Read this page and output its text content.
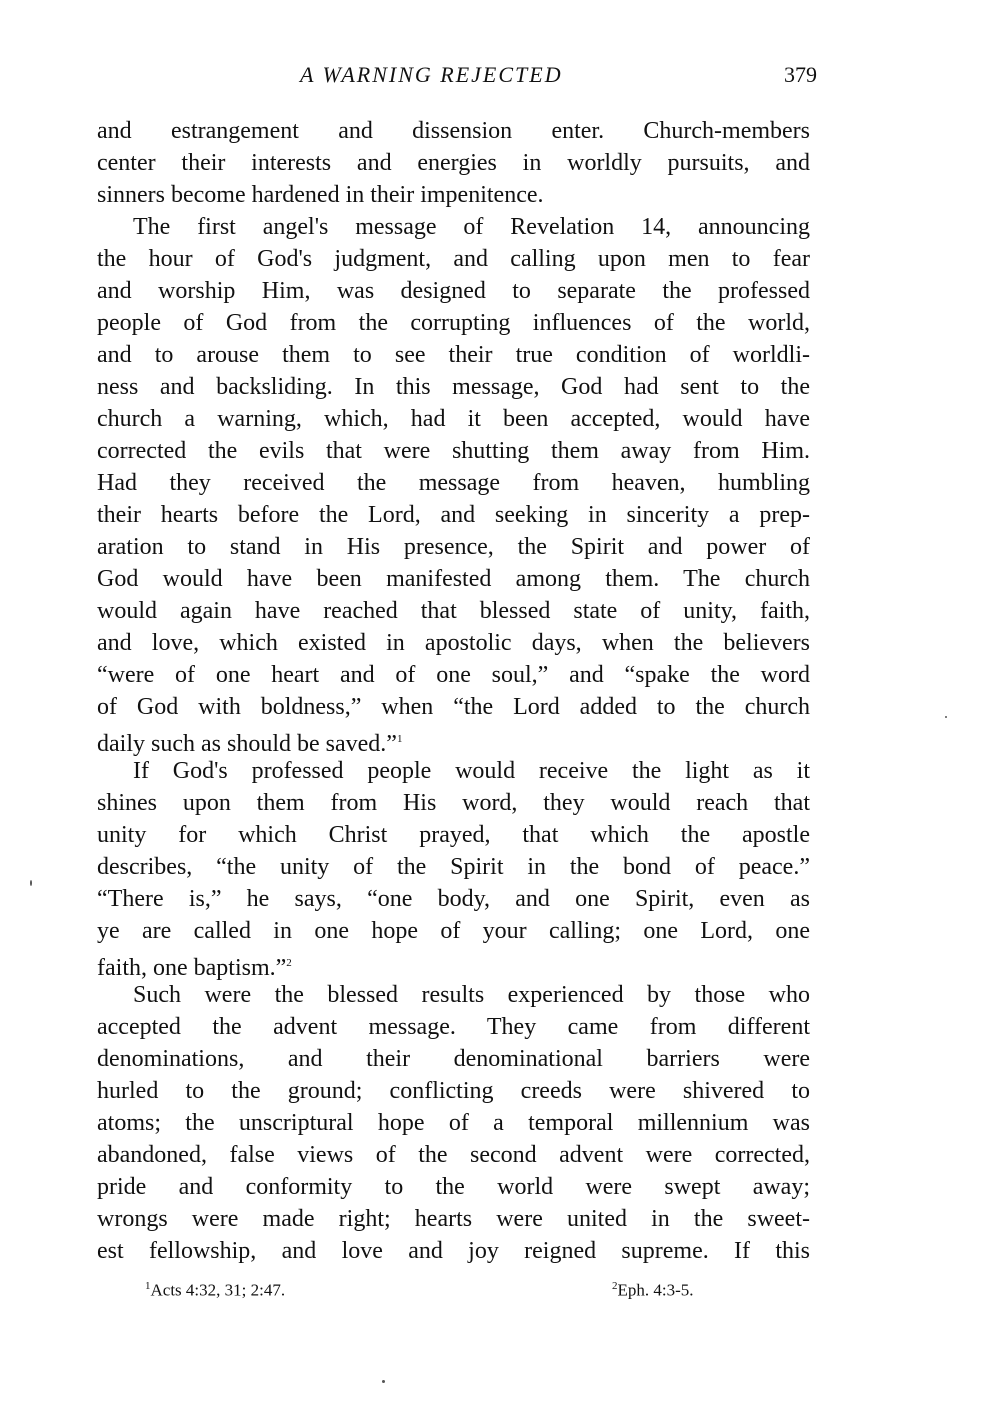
A WARNING REJECTED	379
and estrangement and dissension enter. Church-members
center their interests and energies in worldly pursuits, and
sinners become hardened in their impenitence.
The first angel's message of Revelation 14, announcing
the hour of God's judgment, and calling upon men to fear
and worship Him, was designed to separate the professed
people of God from the corrupting influences of the world,
and to arouse them to see their true condition of worldli-
ness and backsliding. In this message, God had sent to the
church a warning, which, had it been accepted, would have
corrected the evils that were shutting them away from Him.
Had they received the message from heaven, humbling
their hearts before the Lord, and seeking in sincerity a prep-
aration to stand in His presence, the Spirit and power of
God would have been manifested among them. The church
would again have reached that blessed state of unity, faith,
and love, which existed in apostolic days, when the believers
“were of one heart and of one soul,” and “spake the word
of God with boldness,” when “the Lord added to the church
daily such as should be saved.”$^1$
If God's professed people would receive the light as it
shines upon them from His word, they would reach that
unity for which Christ prayed, that which the apostle
describes, “the unity of the Spirit in the bond of peace.”
“There is,” he says, “one body, and one Spirit, even as
ye are called in one hope of your calling; one Lord, one
faith, one baptism.”$^2$
Such were the blessed results experienced by those who
accepted the advent message. They came from different
denominations, and their denominational barriers were
hurled to the ground; conflicting creeds were shivered to
atoms; the unscriptural hope of a temporal millennium was
abandoned, false views of the second advent were corrected,
pride and conformity to the world were swept away;
wrongs were made right; hearts were united in the sweet-
est fellowship, and love and joy reigned supreme. If this
$^1$Acts 4:32, 31; 2:47.	$^2$Eph. 4:3-5.
